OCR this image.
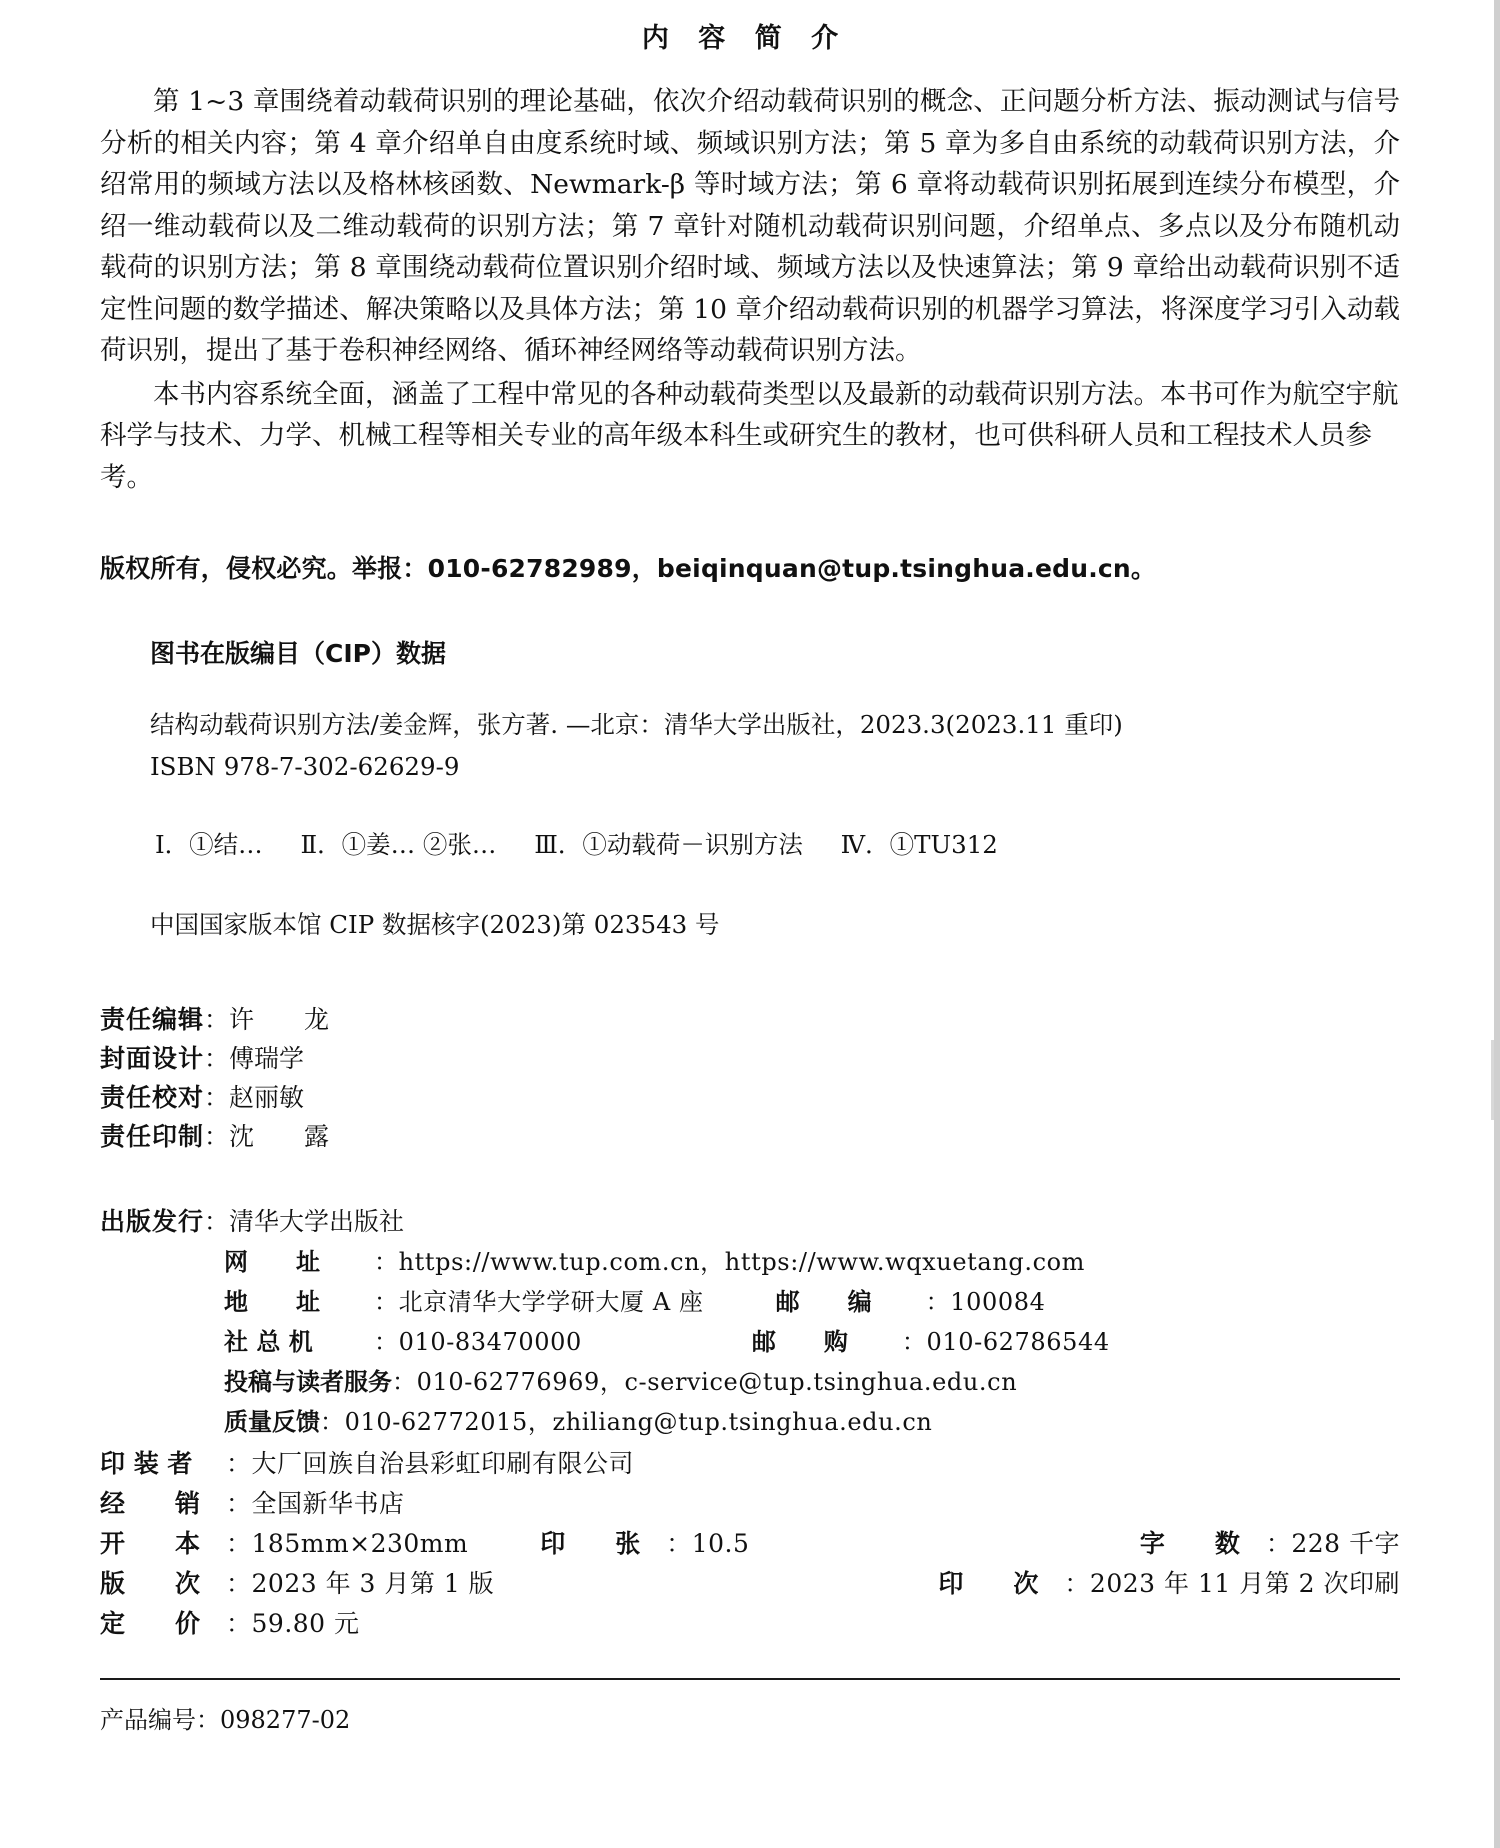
内 容 简 介

第 1~3 章围绕着动载荷识别的理论基础，依次介绍动载荷识别的概念、正问题分析方法、振动测试与信号分析的相关内容；第 4 章介绍单自由度系统时域、频域识别方法；第 5 章为多自由系统的动载荷识别方法，介绍常用的频域方法以及格林核函数、Newmark-β 等时域方法；第 6 章将动载荷识别拓展到连续分布模型，介绍一维动载荷以及二维动载荷的识别方法；第 7 章针对随机动载荷识别问题，介绍单点、多点以及分布随机动载荷的识别方法；第 8 章围绕动载荷位置识别介绍时域、频域方法以及快速算法；第 9 章给出动载荷识别不适定性问题的数学描述、解决策略以及具体方法；第 10 章介绍动载荷识别的机器学习算法，将深度学习引入动载荷识别，提出了基于卷积神经网络、循环神经网络等动载荷识别方法。

本书内容系统全面，涵盖了工程中常见的各种动载荷类型以及最新的动载荷识别方法。本书可作为航空宇航科学与技术、力学、机械工程等相关专业的高年级本科生或研究生的教材，也可供科研人员和工程技术人员参考。

版权所有，侵权必究。举报：010-62782989，beiqinquan@tup.tsinghua.edu.cn。
图书在版编目（CIP）数据
结构动载荷识别方法/姜金辉，张方著. —北京：清华大学出版社，2023.3(2023.11 重印)
ISBN 978-7-302-62629-9
Ⅰ．①结… Ⅱ．①姜… ②张… Ⅲ．①动载荷－识别方法 Ⅳ．①TU312
中国国家版本馆 CIP 数据核字(2023)第 023543 号
责任编辑：许　　龙
封面设计：傅瑞学
责任校对：赵丽敏
责任印制：沈　　露
出版发行：清华大学出版社
网　　址	： https://www.tup.com.cn，https://www.wqxuetang.com
地　　址	： 北京清华大学学研大厦 A 座	邮　　编 ：100084
社 总 机	： 010-83470000	邮　　购 ：010-62786544
投稿与读者服务 ： 010-62776969，c-service@tup.tsinghua.edu.cn
质量反馈 ： 010-62772015，zhiliang@tup.tsinghua.edu.cn
印 装 者	： 大厂回族自治县彩虹印刷有限公司
经　　销	： 全国新华书店
开　　本	： 185mm×230mm	印　　张	： 10.5	字　　数	： 228 千字
版　　次	： 2023 年 3 月第 1 版	印　　次	： 2023 年 11 月第 2 次印刷
定　　价	： 59.80 元
产品编号：098277-02
